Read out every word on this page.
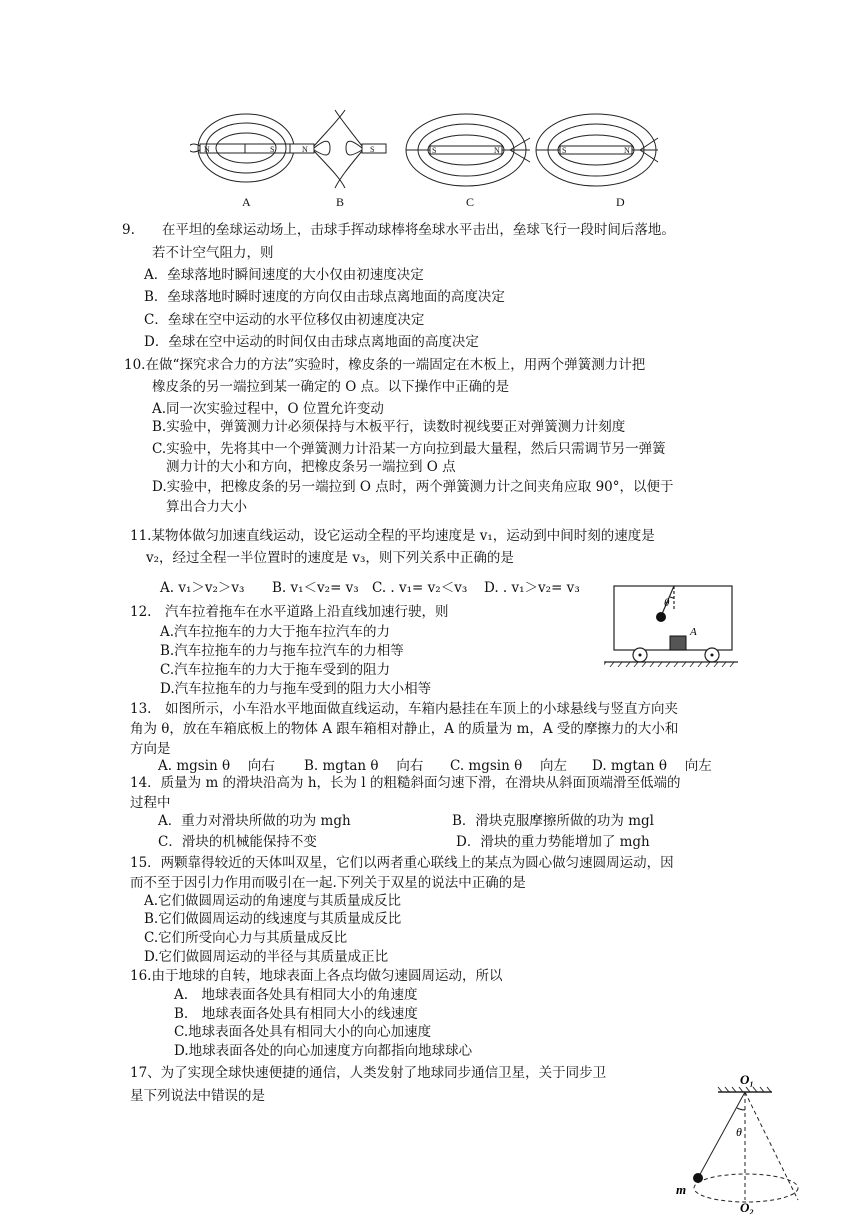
N	S	N	S	S	N	S	N
A	B	C	D
9.　　在平坦的垒球运动场上，击球手挥动球棒将垒球水平击出，垒球飞行一段时间后落地。
若不计空气阻力，则
A．垒球落地时瞬间速度的大小仅由初速度决定
B．垒球落地时瞬时速度的方向仅由击球点离地面的高度决定
C．垒球在空中运动的水平位移仅由初速度决定
D．垒球在空中运动的时间仅由击球点离地面的高度决定
10.在做“探究求合力的方法”实验时，橡皮条的一端固定在木板上，用两个弹簧测力计把
橡皮条的另一端拉到某一确定的 O 点。以下操作中正确的是
A.同一次实验过程中，O 位置允许变动
B.实验中，弹簧测力计必须保持与木板平行，读数时视线要正对弹簧测力计刻度
C.实验中，先将其中一个弹簧测力计沿某一方向拉到最大量程，然后只需调节另一弹簧
测力计的大小和方向，把橡皮条另一端拉到 O 点
D.实验中，把橡皮条的另一端拉到 O 点时，两个弹簧测力计之间夹角应取 90°，以便于
算出合力大小
11.某物体做匀加速直线运动，设它运动全程的平均速度是 v₁，运动到中间时刻的速度是
v₂，经过全程一半位置时的速度是 v₃，则下列关系中正确的是
A. v₁＞v₂＞v₃ B. v₁＜v₂= v₃ C. . v₁= v₂＜v₃ D. . v₁＞v₂= v₃
θ
A
12.　汽车拉着拖车在水平道路上沿直线加速行驶，则
A.汽车拉拖车的力大于拖车拉汽车的力
B.汽车拉拖车的力与拖车拉汽车的力相等
C.汽车拉拖车的力大于拖车受到的阻力
D.汽车拉拖车的力与拖车受到的阻力大小相等
13.　如图所示，小车沿水平地面做直线运动，车箱内悬挂在车顶上的小球悬线与竖直方向夹
角为 θ，放在车箱底板上的物体 A 跟车箱相对静止，A 的质量为 m，A 受的摩擦力的大小和
方向是
A. mgsin θ　 向右 B. mgtan θ　 向右 C. mgsin θ　 向左 D. mgtan θ　 向左
14．质量为 m 的滑块沿高为 h，长为 l 的粗糙斜面匀速下滑，在滑块从斜面顶端滑至低端的
过程中
A．重力对滑块所做的功为 mgh	B．滑块克服摩擦所做的功为 mgl
C．滑块的机械能保持不变	D．滑块的重力势能增加了 mgh
15．两颗靠得较近的天体叫双星，它们以两者重心联线上的某点为圆心做匀速圆周运动，因
而不至于因引力作用而吸引在一起.下列关于双星的说法中正确的是
A.它们做圆周运动的角速度与其质量成反比
B.它们做圆周运动的线速度与其质量成反比
C.它们所受向心力与其质量成反比
D.它们做圆周运动的半径与其质量成正比
16.由于地球的自转，地球表面上各点均做匀速圆周运动，所以
A.　地球表面各处具有相同大小的角速度
B.　地球表面各处具有相同大小的线速度
C.地球表面各处具有相同大小的向心加速度
D.地球表面各处的向心加速度方向都指向地球球心
17、为了实现全球快速便捷的通信，人类发射了地球同步通信卫星，关于同步卫
星下列说法中错误的是
O₁
θ
O₂
m
